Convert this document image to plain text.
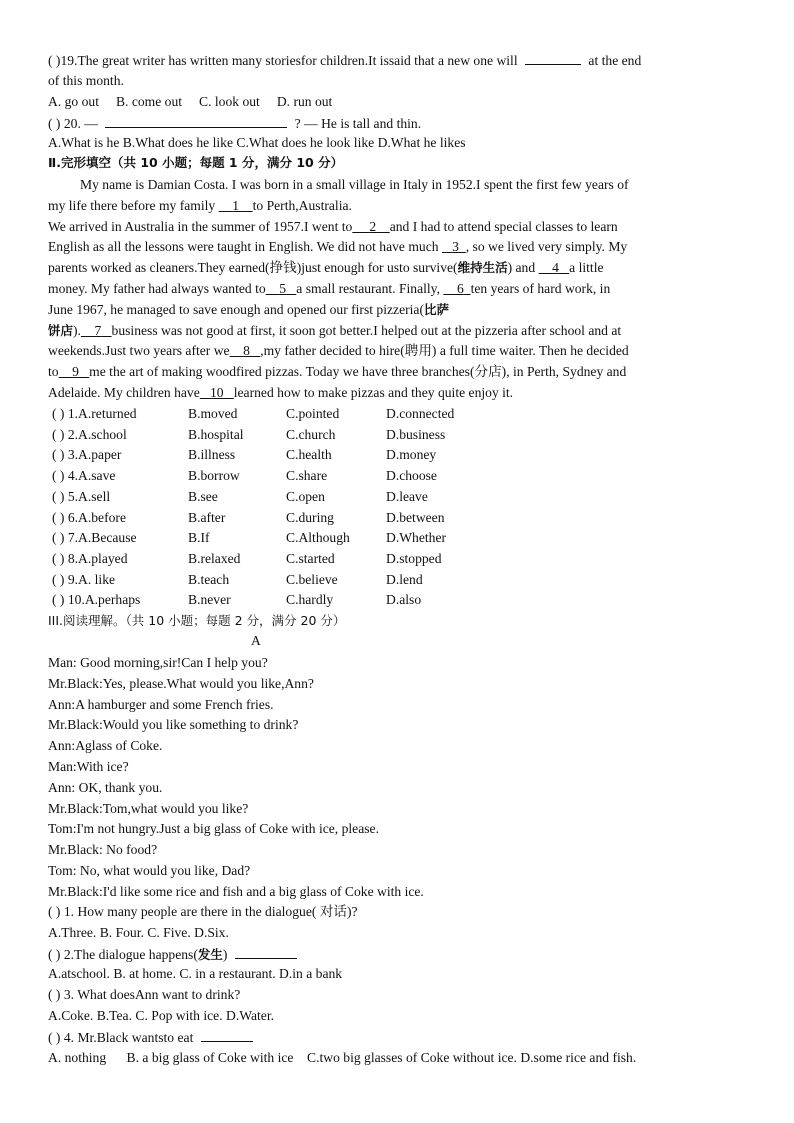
( )19.The great writer has written many storiesfor children.It issaid that a new one will	at the end
of this month.
A. go out     B. come out     C. look out     D. run out
( ) 20. —	? — He is tall and thin.
A.What is he B.What does he like C.What does he look like D.What he likes
Ⅱ.完形填空（共 10 小题；每题 1 分，满分 10 分）
My name is Damian Costa. I was born in a small village in Italy in 1952.I spent the first few years of
my life there before my family 1 to Perth,Australia.
We arrived in Australia in the summer of 1957.I went to 2 and I had to attend special classes to learn
English as all the lessons were taught in English. We did not have much 3 , so we lived very simply. My
parents worked as cleaners.They earned(挣钱)just enough for usto survive(维持生活) and 4 a little
money. My father had always wanted to 5 a small restaurant. Finally, 6 ten years of hard work, in
June 1967, he managed to save enough and opened our first pizzeria(比萨
饼店). 7 business was not good at first, it soon got better.I helped out at the pizzeria after school and at
weekends.Just two years after we 8 ,my father decided to hire(聘用) a full time waiter. Then he decided
to 9 me the art of making woodfired pizzas. Today we have three branches(分店), in Perth, Sydney and
Adelaide. My children have 10 learned how to make pizzas and they quite enjoy it.
( ) 1.A.returned	B.moved	C.pointed	D.connected
( ) 2.A.school	B.hospital	C.church	D.business
( ) 3.A.paper	B.illness	C.health	D.money
( ) 4.A.save	B.borrow	C.share	D.choose
( ) 5.A.sell	B.see	C.open	D.leave
( ) 6.A.before	B.after	C.during	D.between
( ) 7.A.Because	B.If	C.Although	D.Whether
( ) 8.A.played	B.relaxed	C.started	D.stopped
( ) 9.A. like	B.teach	C.believe	D.lend
( ) 10.A.perhaps	B.never	C.hardly	D.also
III.阅读理解。（共 10 小题；每题 2 分，满分 20 分）
A
Man: Good morning,sir!Can I help you?
Mr.Black:Yes, please.What would you like,Ann?
Ann:A hamburger and some French fries.
Mr.Black:Would you like something to drink?
Ann:Aglass of Coke.
Man:With ice?
Ann: OK, thank you.
Mr.Black:Tom,what would you like?
Tom:I'm not hungry.Just a big glass of Coke with ice, please.
Mr.Black: No food?
Tom: No, what would you like, Dad?
Mr.Black:I'd like some rice and fish and a big glass of Coke with ice.
( ) 1. How many people are there in the dialogue( 对话)?
A.Three. B. Four. C. Five. D.Six.
( ) 2.The dialogue happens(发生)
A.atschool. B. at home. C. in a restaurant. D.in a bank
( ) 3. What doesAnn want to drink?
A.Coke. B.Tea. C. Pop with ice. D.Water.
( ) 4. Mr.Black wantsto eat
A. nothing      B. a big glass of Coke with ice    C.two big glasses of Coke without ice. D.some rice and fish.
